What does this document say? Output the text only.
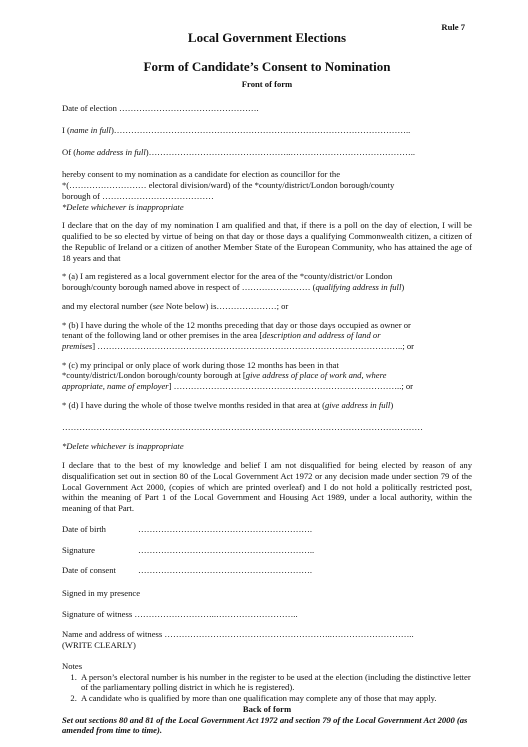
Rule 7
Local Government Elections
Form of Candidate’s Consent to Nomination
Front of form

Date of election ………………………………………….

I (name in full)…………………………………………………………………………………………..

Of (home address in full)…………………………………………..……………………………………..

hereby consent to my nomination as a candidate for election as councillor for the

*(……………………… electoral division/ward) of the *county/district/London borough/county

borough of …………………………………

*Delete whichever is inappropriate

I declare that on the day of my nomination I am qualified and that, if there is a poll on the day of election, I will be qualified to be so elected by virtue of being on that day or those days a qualifying Commonwealth citizen, a citizen of the Republic of Ireland or a citizen of another Member State of the European Community, who has attained the age of 18 years and that

* (a) I am registered as a local government elector for the area of the *county/district/or London

borough/county borough named above in respect of …………………… (qualifying address in full)

and my electoral number (see Note below) is…………………; or

* (b) I have during the whole of the 12 months preceding that day or those days occupied as owner or

tenant of the following land or other premises in the area [description and address of land or

premises] ……………………………………………………………………………………………..; or

* (c) my principal or only place of work during those 12 months has been in that

*county/district/London borough/county borough at [give address of place of work and, where

appropriate, name of employer] ……………………………………………………………………..; or

* (d) I have during the whole of those twelve months resided in that area at (give address in full)

………………………………………………………………………………………………………………

*Delete whichever is inappropriate

I declare that to the best of my knowledge and belief I am not disqualified for being elected by reason of any disqualification set out in section 80 of the Local Government Act 1972 or any decision made under section 79 of the Local Government Act 2000, (copies of which are printed overleaf) and I do not hold a politically restricted post, within the meaning of Part 1 of the Local Government and Housing Act 1989, under a local authority, within the meaning of that Part.

Date of birth	…………………………………………………….
Signature	……………………………………………………..
Date of consent	…………………………………………………….

Signed in my presence

Signature of witness ………………………..………………………..

Name and address of witness …………………………………………………..………………………..

(WRITE CLEARLY)

Notes

1. A person’s electoral number is his number in the register to be used at the election (including the distinctive letter of the parliamentary polling district in which he is registered).
2. A candidate who is qualified by more than one qualification may complete any of those that may apply.

Back of form

Set out sections 80 and 81 of the Local Government Act 1972 and section 79 of the Local Government Act 2000 (as amended from time to time).
